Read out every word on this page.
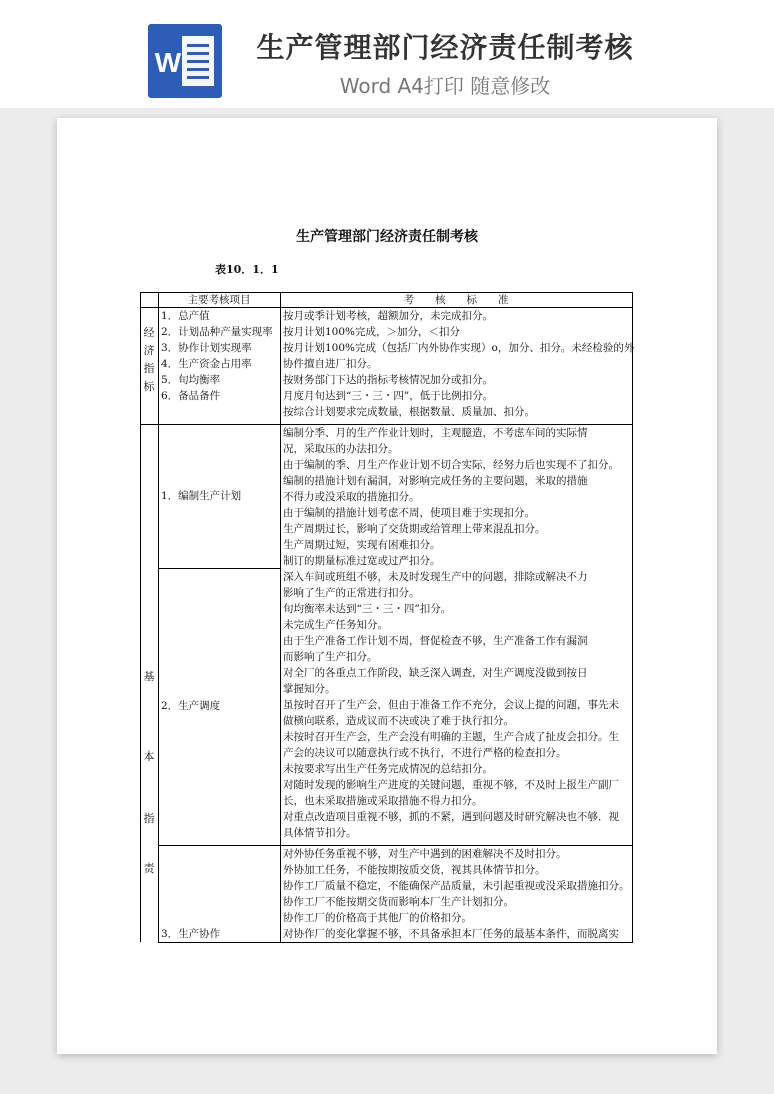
W	生产管理部门经济责任制考核
Word A4打印 随意修改
生产管理部门经济责任制考核
表10．1．1
主要考核项目	考　　核　　标　　准
经
济
指
标
1．总产值
2．计划品种产量实现率
3．协作计划实现率
4．生产资金占用率
5．旬均衡率
6．备品备件
按月或季计划考核，超额加分，未完成扣分。
按月计划100%完成，＞加分，＜扣分
按月计划100%完成（包括厂内外协作实现）o，加分、扣分。未经检验的外
协件擅自进厂扣分。
按财务部门下达的指标考核情况加分或扣分。
月度月旬达到“三・三・四”，低于比例扣分。
按综合计划要求完成数量，根据数量、质量加、扣分。
基
本
指
责
1．编制生产计划
2．生产调度
3．生产协作
编制分季、月的生产作业计划时，主观臆造，不考虑车间的实际情
况，采取压的办法扣分。
由于编制的季、月生产作业计划不切合实际，经努力后也实现不了扣分。
编制的措施计划有漏洞，对影响完成任务的主要问题，米取的措施
不得力或没采取的措施扣分。
由于编制的措施计划考虑不周，使项目难于实现扣分。
生产周期过长，影响了交货期或给管理上带来混乱扣分。
生产周期过短，实现有困难扣分。
制订的期量标准过宽或过严扣分。
深入车间或班组不够，未及时发现生产中的问题，排除或解决不力
影响了生产的正常进行扣分。
旬均衡率未达到“三・三・四”扣分。
未完成生产任务知分。
由于生产准备工作计划不周，督促检查不够，生产准备工作有漏洞
而影响了生产扣分。
对全厂的各重点工作阶段，缺乏深入调查，对生产调度没做到按日
掌握知分。
虽按时召开了生产会，但由于准备工作不充分，会议上提的问题，事先未
做横向联系，造成议而不决或决了难于执行扣分。
未按时召开生产会，生产会没有明确的主题，生产合成了扯皮会扣分。生
产会的决议可以随意执行或不执行，不进行严格的检查扣分。
未按要求写出生产任务完成情况的总结扣分。
对随时发现的影响生产进度的关键问题，重视不够，不及时上报生产副厂
长，也未采取措施或采取措施不得力扣分。
对重点改造项目重视不够，抓的不紧，遇到问题及时研究解决也不够．视
具体情节扣分。
对外协任务重视不够，对生产中遇到的困难解决不及时扣分。
外协加工任务，不能按期按质交货，视其具体情节扣分。
协作工厂质量不稳定，不能确保产品质量，未引起重视或没采取措施扣分。
协作工厂不能按期交货而影响本厂生产计划扣分。
协作工厂的价格高于其他厂的价格扣分。
对协作厂的变化掌握不够，不具备承担本厂任务的最基本条件，而脱离实
